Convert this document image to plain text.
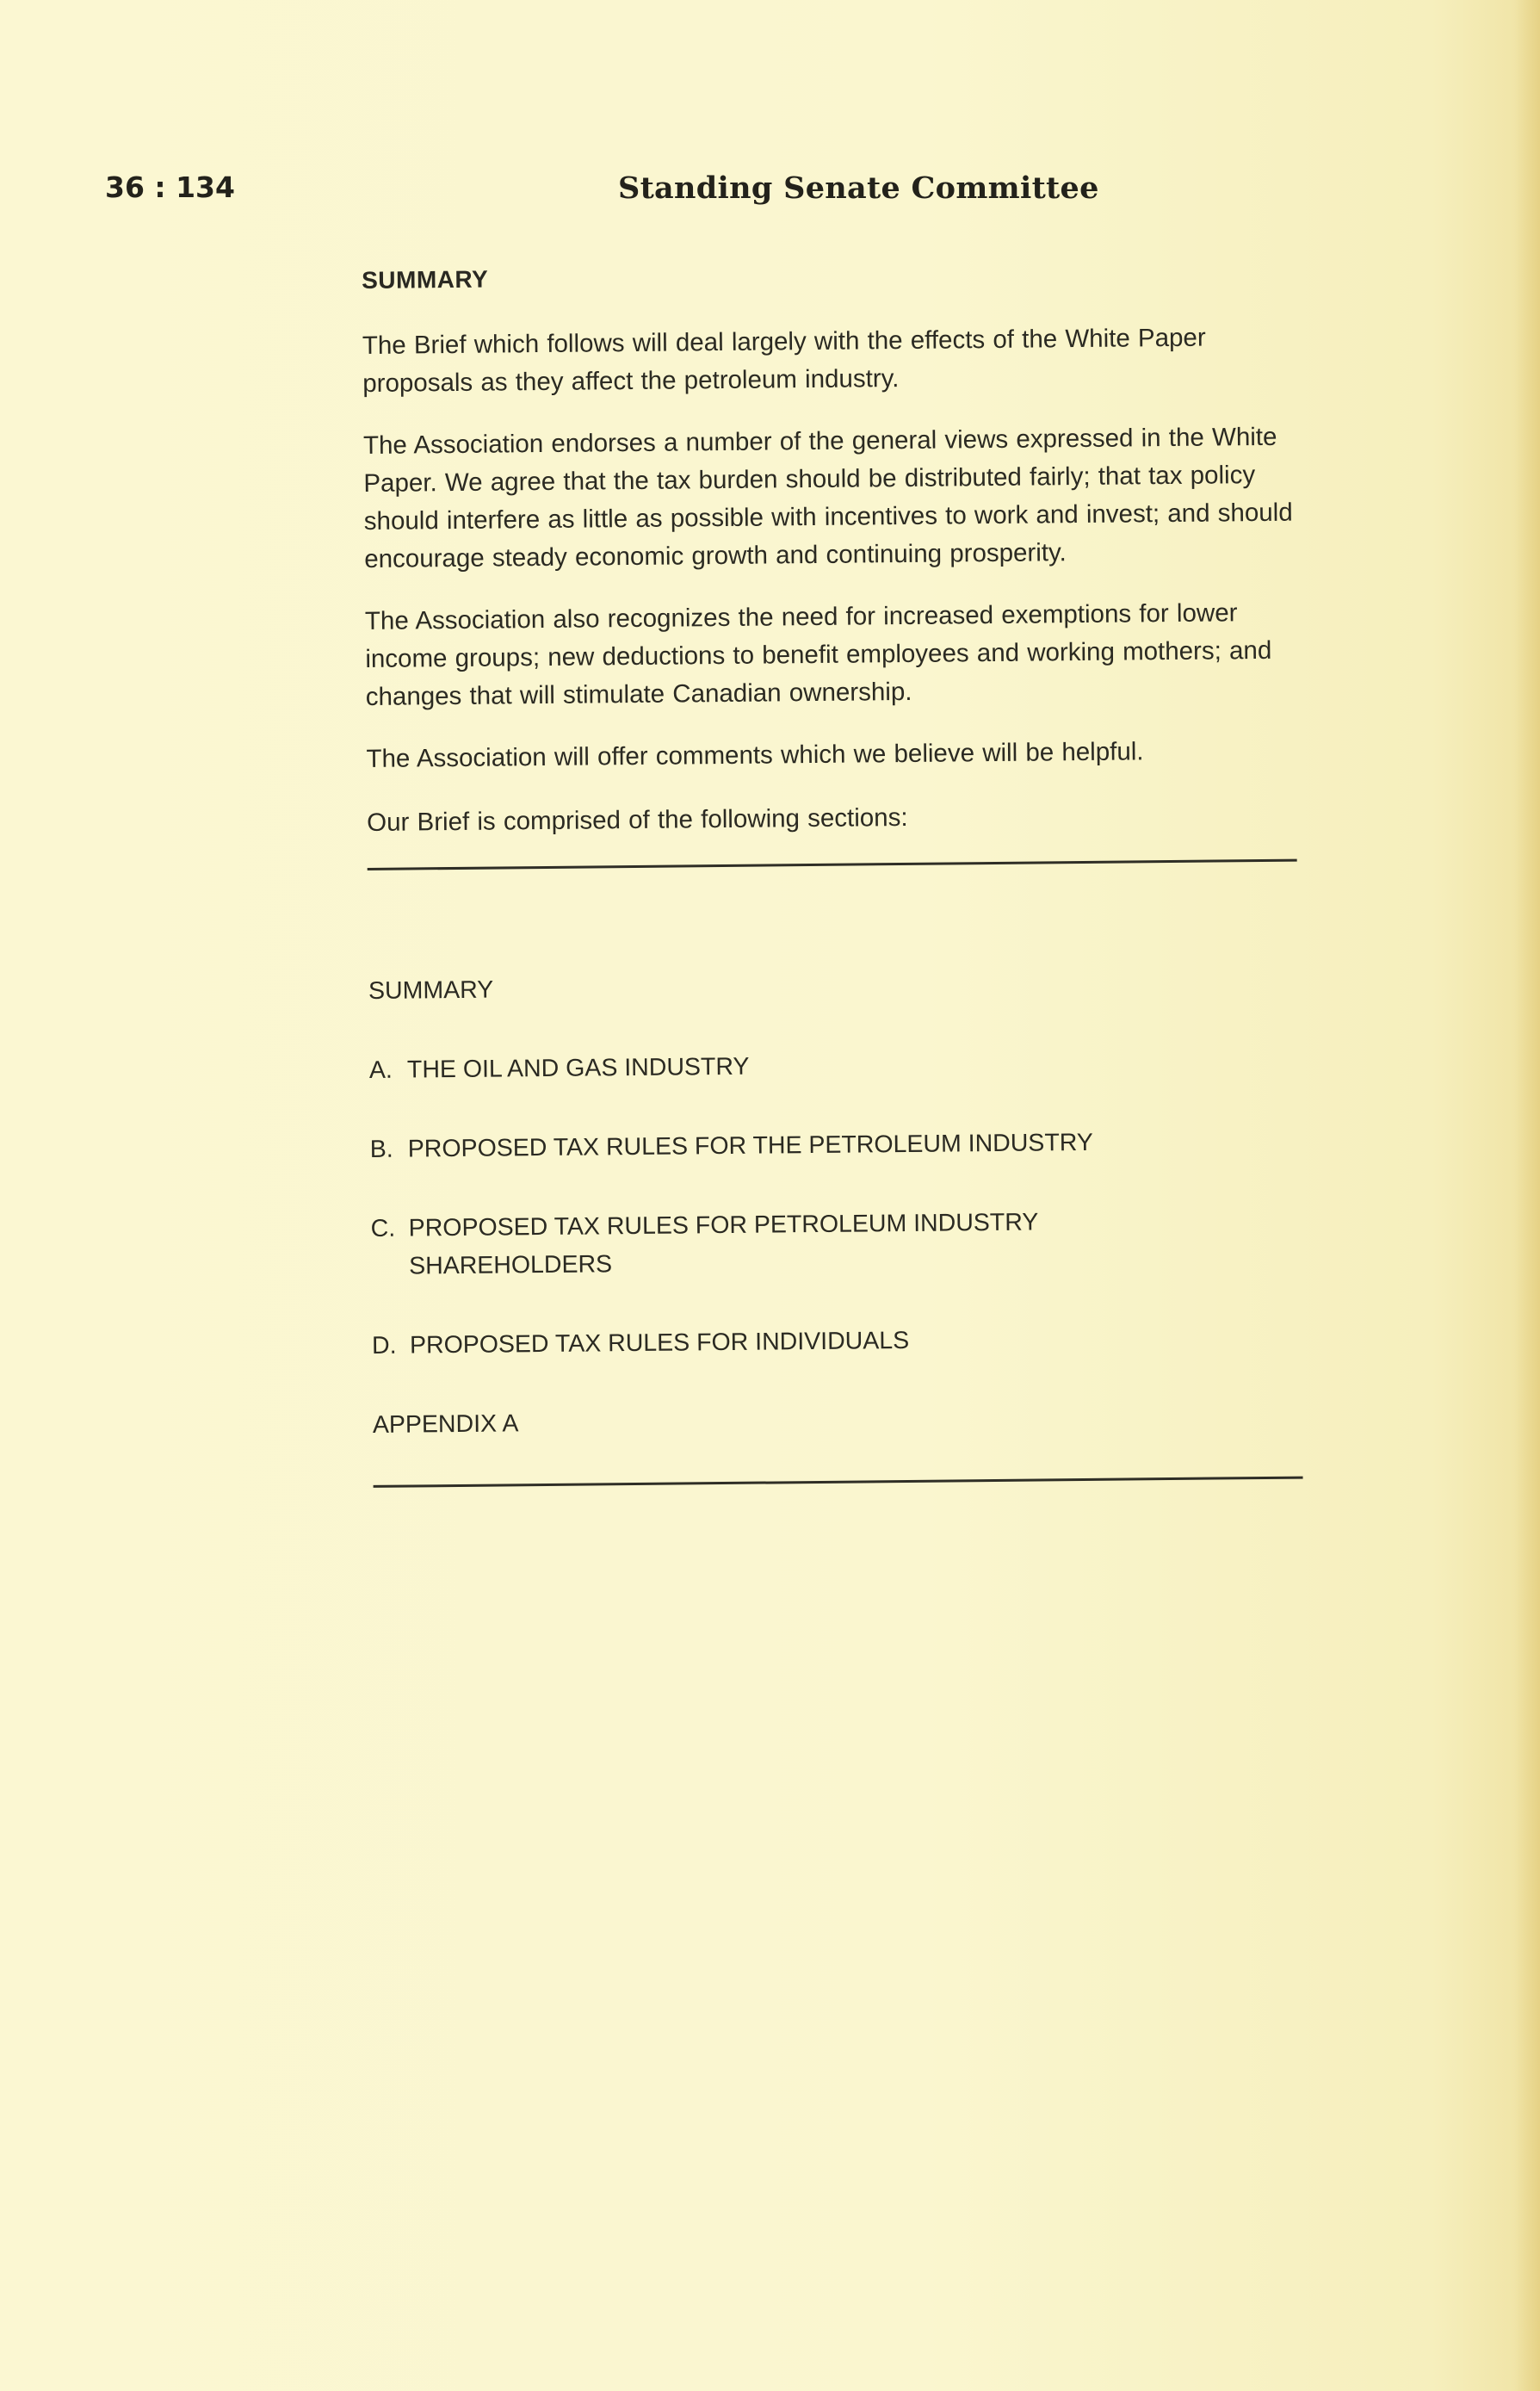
36 : 134	Standing Senate Committee
SUMMARY

The Brief which follows will deal largely with the effects of the White Paper proposals as they affect the petroleum industry.

The Association endorses a number of the general views expressed in the White Paper. We agree that the tax burden should be distributed fairly; that tax policy should interfere as little as possible with incentives to work and invest; and should encourage steady economic growth and continuing prosperity.

The Association also recognizes the need for increased exemptions for lower income groups; new deductions to benefit employees and working mothers; and changes that will stimulate Canadian ownership.

The Association will offer comments which we believe will be helpful.

Our Brief is comprised of the following sections:

SUMMARY
A. THE OIL AND GAS INDUSTRY
B. PROPOSED TAX RULES FOR THE PETROLEUM INDUSTRY
C. PROPOSED TAX RULES FOR PETROLEUM INDUSTRY SHAREHOLDERS
D. PROPOSED TAX RULES FOR INDIVIDUALS
APPENDIX A
